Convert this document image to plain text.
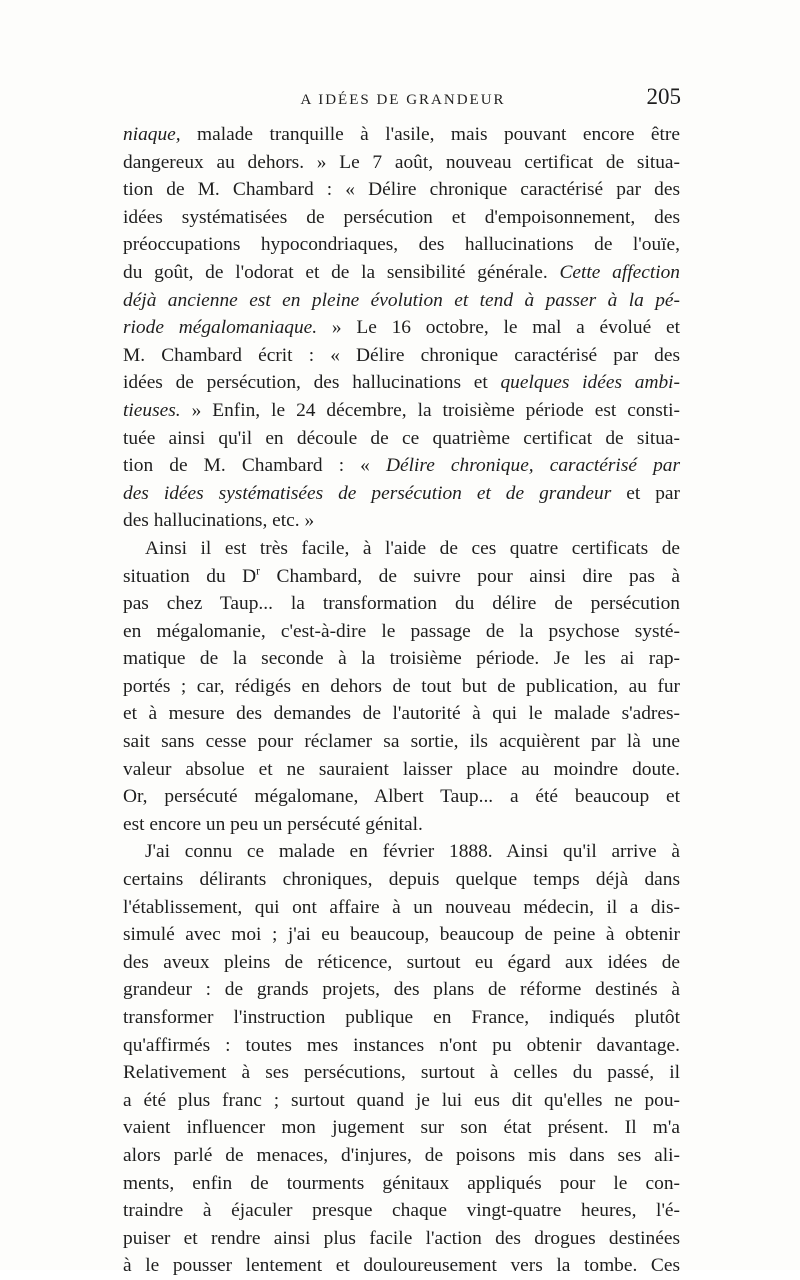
A IDÉES DE GRANDEUR	205
niaque, malade tranquille à l'asile, mais pouvant encore être
dangereux au dehors. » Le 7 août, nouveau certificat de situa-
tion de M. Chambard : « Délire chronique caractérisé par des
idées systématisées de persécution et d'empoisonnement, des
préoccupations hypocondriaques, des hallucinations de l'ouïe,
du goût, de l'odorat et de la sensibilité générale. Cette affection
déjà ancienne est en pleine évolution et tend à passer à la pé-
riode mégalomaniaque. » Le 16 octobre, le mal a évolué et
M. Chambard écrit : « Délire chronique caractérisé par des
idées de persécution, des hallucinations et quelques idées ambi-
tieuses. » Enfin, le 24 décembre, la troisième période est consti-
tuée ainsi qu'il en découle de ce quatrième certificat de situa-
tion de M. Chambard : « Délire chronique, caractérisé par
des idées systématisées de persécution et de grandeur et par
des hallucinations, etc. »
Ainsi il est très facile, à l'aide de ces quatre certificats de
situation du $D^r$ Chambard, de suivre pour ainsi dire pas à
pas chez Taup... la transformation du délire de persécution
en mégalomanie, c'est-à-dire le passage de la psychose systé-
matique de la seconde à la troisième période. Je les ai rap-
portés ; car, rédigés en dehors de tout but de publication, au fur
et à mesure des demandes de l'autorité à qui le malade s'adres-
sait sans cesse pour réclamer sa sortie, ils acquièrent par là une
valeur absolue et ne sauraient laisser place au moindre doute.
Or, persécuté mégalomane, Albert Taup... a été beaucoup et
est encore un peu un persécuté génital.
J'ai connu ce malade en février 1888. Ainsi qu'il arrive à
certains délirants chroniques, depuis quelque temps déjà dans
l'établissement, qui ont affaire à un nouveau médecin, il a dis-
simulé avec moi ; j'ai eu beaucoup, beaucoup de peine à obtenir
des aveux pleins de réticence, surtout eu égard aux idées de
grandeur : de grands projets, des plans de réforme destinés à
transformer l'instruction publique en France, indiqués plutôt
qu'affirmés : toutes mes instances n'ont pu obtenir davantage.
Relativement à ses persécutions, surtout à celles du passé, il
a été plus franc ; surtout quand je lui eus dit qu'elles ne pou-
vaient influencer mon jugement sur son état présent. Il m'a
alors parlé de menaces, d'injures, de poisons mis dans ses ali-
ments, enfin de tourments génitaux appliqués pour le con-
traindre à éjaculer presque chaque vingt-quatre heures, l'é-
puiser et rendre ainsi plus facile l'action des drogues destinées
à le pousser lentement et douloureusement vers la tombe. Ces
